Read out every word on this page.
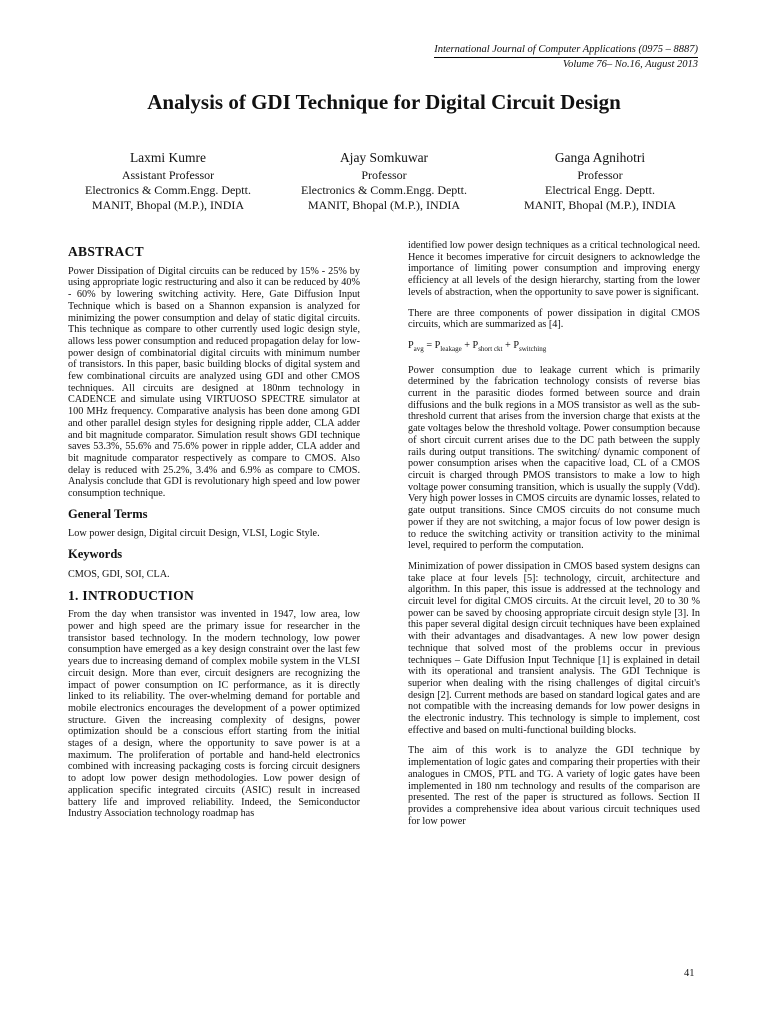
International Journal of Computer Applications (0975 – 8887)
Volume 76– No.16, August 2013
Analysis of GDI Technique for Digital Circuit Design
Laxmi Kumre
Assistant Professor
Electronics & Comm.Engg. Deptt.
MANIT, Bhopal (M.P.), INDIA
Ajay Somkuwar
Professor
Electronics & Comm.Engg. Deptt.
MANIT, Bhopal (M.P.), INDIA
Ganga Agnihotri
Professor
Electrical Engg. Deptt.
MANIT, Bhopal (M.P.), INDIA
ABSTRACT

Power Dissipation of Digital circuits can be reduced by 15% - 25% by using appropriate logic restructuring and also it can be reduced by 40% - 60% by lowering switching activity. Here, Gate Diffusion Input Technique which is based on a Shannon expansion is analyzed for minimizing the power consumption and delay of static digital circuits. This technique as compare to other currently used logic design style, allows less power consumption and reduced propagation delay for low-power design of combinatorial digital circuits with minimum number of transistors. In this paper, basic building blocks of digital system and few combinational circuits are analyzed using GDI and other CMOS techniques. All circuits are designed at 180nm technology in CADENCE and simulate using VIRTUOSO SPECTRE simulator at 100 MHz frequency. Comparative analysis has been done among GDI and other parallel design styles for designing ripple adder, CLA adder and bit magnitude comparator. Simulation result shows GDI technique saves 53.3%, 55.6% and 75.6% power in ripple adder, CLA adder and bit magnitude comparator respectively as compare to CMOS. Also delay is reduced with 25.2%, 3.4% and 6.9% as compare to CMOS. Analysis conclude that GDI is revolutionary high speed and low power consumption technique.

General Terms

Low power design, Digital circuit Design, VLSI, Logic Style.

Keywords

CMOS, GDI, SOI, CLA.

1. INTRODUCTION

From the day when transistor was invented in 1947, low area, low power and high speed are the primary issue for researcher in the transistor based technology. In the modern technology, low power consumption have emerged as a key design constraint over the last few years due to increasing demand of complex mobile system in the VLSI circuit design. More than ever, circuit designers are recognizing the impact of power consumption on IC performance, as it is directly linked to its reliability. The over-whelming demand for portable and mobile electronics encourages the development of a power optimized structure. Given the increasing complexity of designs, power optimization should be a conscious effort starting from the initial stages of a design, where the opportunity to save power is at a maximum. The proliferation of portable and hand-held electronics combined with increasing packaging costs is forcing circuit designers to adopt low power design methodologies. Low power design of application specific integrated circuits (ASIC) result in increased battery life and improved reliability. Indeed, the Semiconductor Industry Association technology roadmap has

identified low power design techniques as a critical technological need. Hence it becomes imperative for circuit designers to acknowledge the importance of limiting power consumption and improving energy efficiency at all levels of the design hierarchy, starting from the lower levels of abstraction, when the opportunity to save power is significant.

There are three components of power dissipation in digital CMOS circuits, which are summarized as [4].

$P_{avg} = P_{leakage} + P_{short ckt} + P_{switching}$

Power consumption due to leakage current which is primarily determined by the fabrication technology consists of reverse bias current in the parasitic diodes formed between source and drain diffusions and the bulk regions in a MOS transistor as well as the sub-threshold current that arises from the inversion charge that exists at the gate voltages below the threshold voltage. Power consumption because of short circuit current arises due to the DC path between the supply rails during output transitions. The switching/ dynamic component of power consumption arises when the capacitive load, CL of a CMOS circuit is charged through PMOS transistors to make a low to high voltage power consuming transition, which is usually the supply (Vdd). Very high power losses in CMOS circuits are dynamic losses, related to gate output transitions. Since CMOS circuits do not consume much power if they are not switching, a major focus of low power design is to reduce the switching activity or transition activity to the minimal level, required to perform the computation.

Minimization of power dissipation in CMOS based system designs can take place at four levels [5]: technology, circuit, architecture and algorithm. In this paper, this issue is addressed at the technology and circuit level for digital CMOS circuits. At the circuit level, 20 to 30 % power can be saved by choosing appropriate circuit design style [3]. In this paper several digital design circuit techniques have been explained with their advantages and disadvantages. A new low power design technique that solved most of the problems occur in previous techniques – Gate Diffusion Input Technique [1] is explained in detail with its operational and transient analysis. The GDI Technique is superior when dealing with the rising challenges of digital circuit's design [2]. Current methods are based on standard logical gates and are not compatible with the increasing demands for low power designs in the electronic industry. This technology is simple to implement, cost effective and based on multi-functional building blocks.

The aim of this work is to analyze the GDI technique by implementation of logic gates and comparing their properties with their analogues in CMOS, PTL and TG. A variety of logic gates have been implemented in 180 nm technology and results of the comparison are presented. The rest of the paper is structured as follows. Section II provides a comprehensive idea about various circuit techniques used for low power

41
